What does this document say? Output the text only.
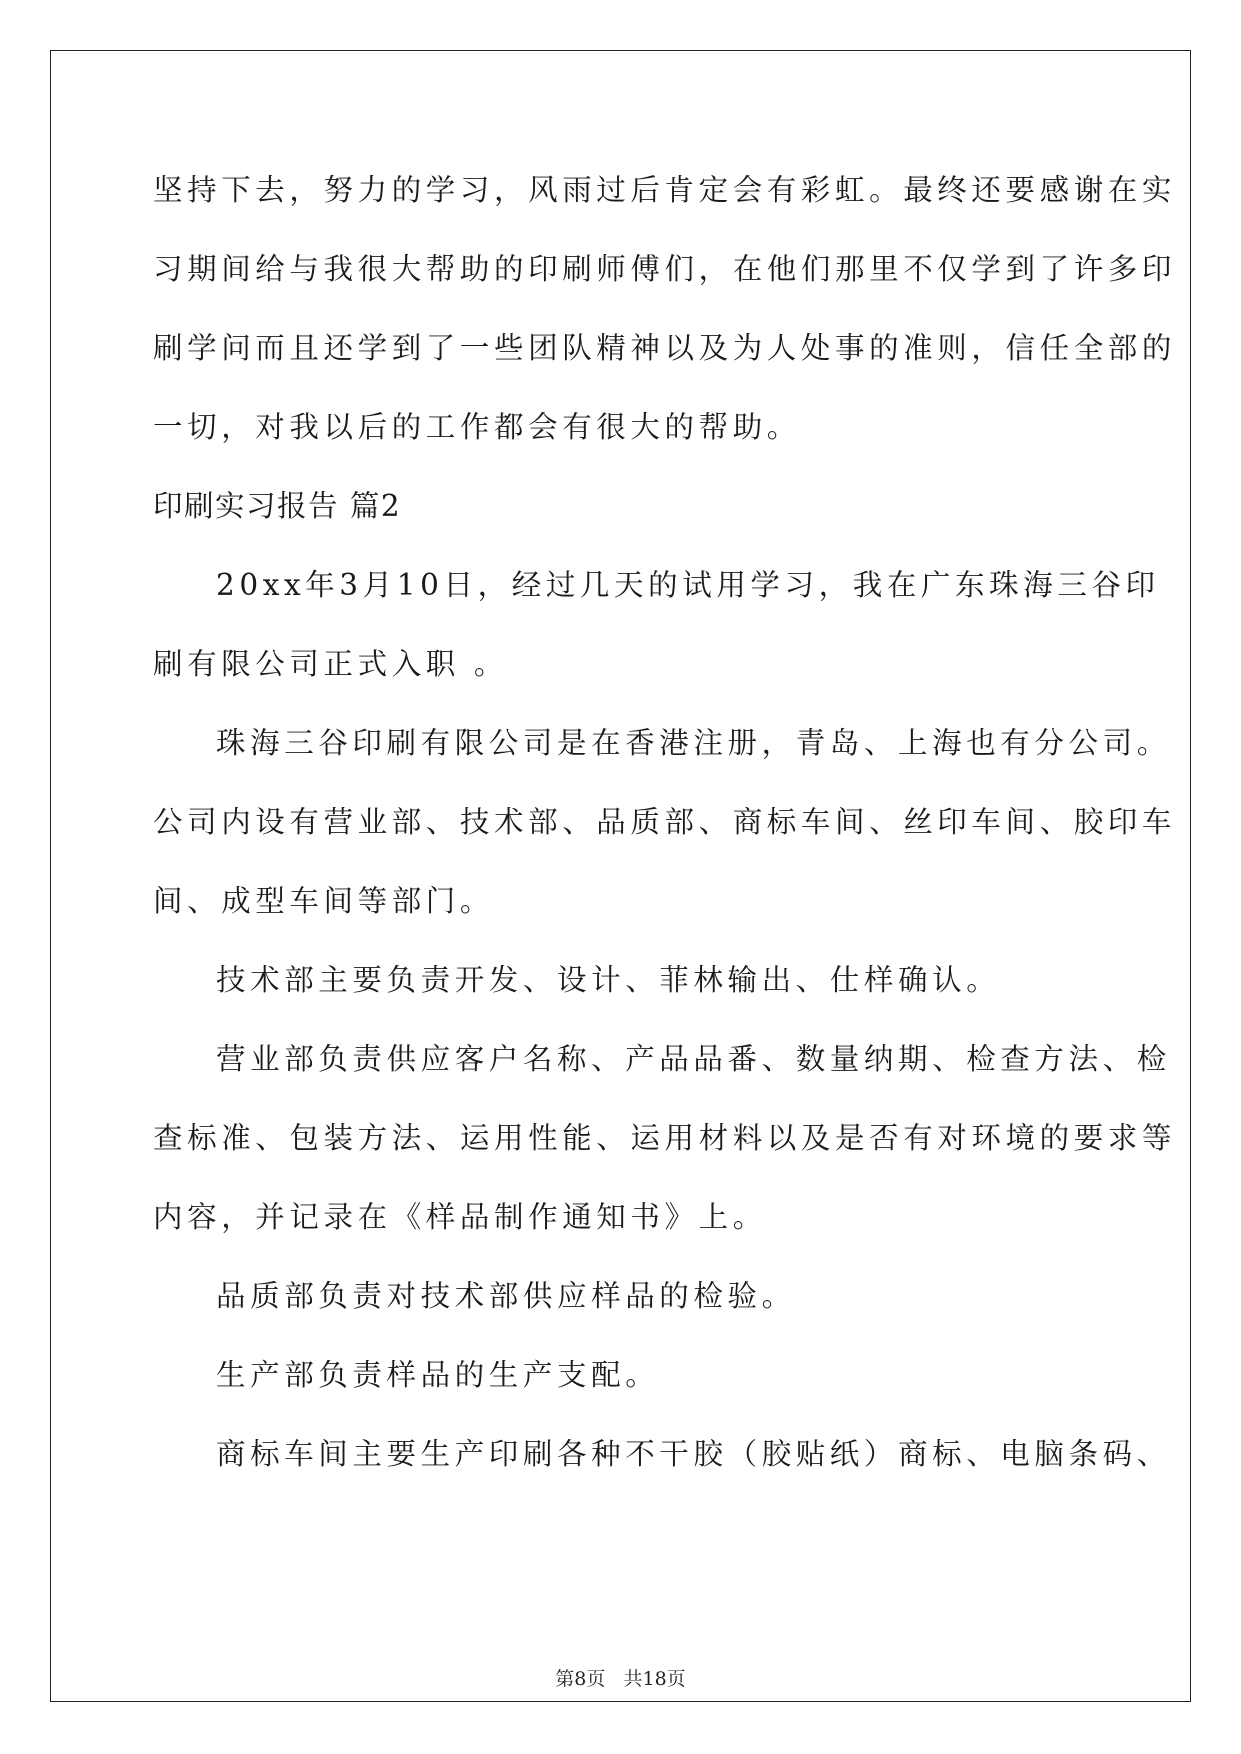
坚持下去，努力的学习，风雨过后肯定会有彩虹。最终还要感谢在实
习期间给与我很大帮助的印刷师傅们，在他们那里不仅学到了许多印
刷学问而且还学到了一些团队精神以及为人处事的准则，信任全部的
一切，对我以后的工作都会有很大的帮助。
印刷实习报告 篇2
20xx年3月10日，经过几天的试用学习，我在广东珠海三谷印
刷有限公司正式入职 。
珠海三谷印刷有限公司是在香港注册，青岛、上海也有分公司。
公司内设有营业部、技术部、品质部、商标车间、丝印车间、胶印车
间、成型车间等部门。
技术部主要负责开发、设计、菲林输出、仕样确认。
营业部负责供应客户名称、产品品番、数量纳期、检查方法、检
查标准、包装方法、运用性能、运用材料以及是否有对环境的要求等
内容，并记录在《样品制作通知书》上。
品质部负责对技术部供应样品的检验。
生产部负责样品的生产支配。
商标车间主要生产印刷各种不干胶（胶贴纸）商标、电脑条码、
第8页   共18页
